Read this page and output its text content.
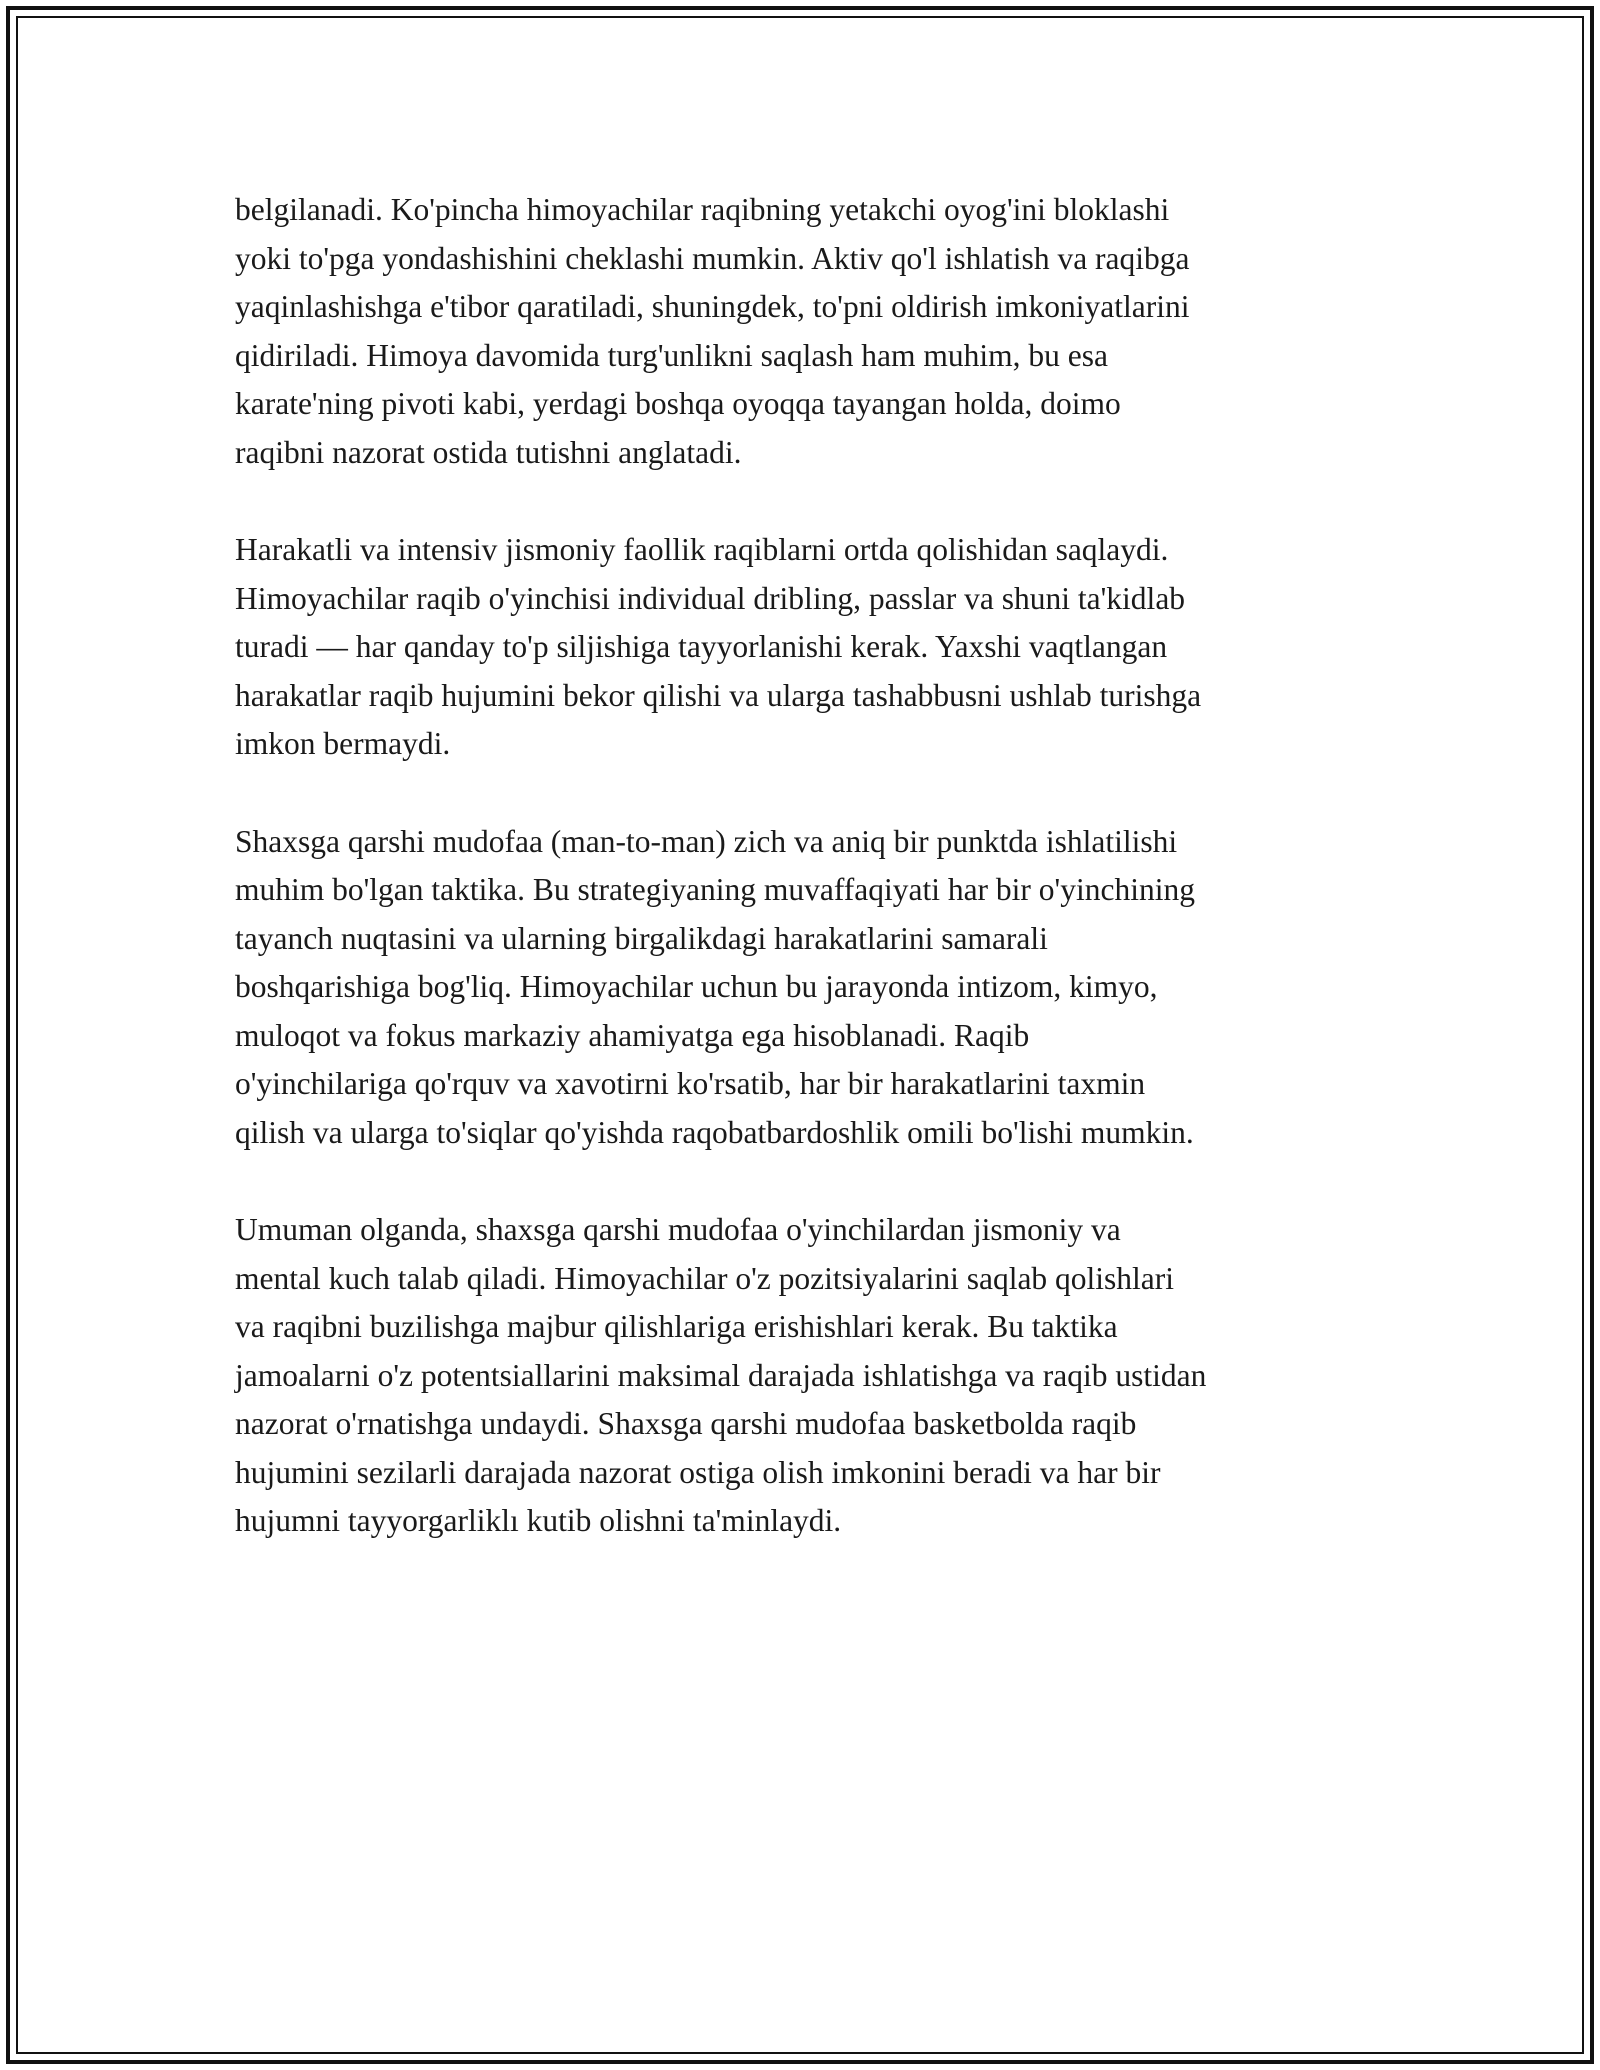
belgilanadi. Ko'pincha himoyachilar raqibning yetakchi oyog'ini bloklashi
yoki to'pga yondashishini cheklashi mumkin. Aktiv qo'l ishlatish va raqibga
yaqinlashishga e'tibor qaratiladi, shuningdek, to'pni oldirish imkoniyatlarini
qidiriladi. Himoya davomida turg'unlikni saqlash ham muhim, bu esa
karate'ning pivoti kabi, yerdagi boshqa oyoqqa tayangan holda, doimo
raqibni nazorat ostida tutishni anglatadi.

Harakatli va intensiv jismoniy faollik raqiblarni ortda qolishidan saqlaydi.
Himoyachilar raqib o'yinchisi individual dribling, passlar va shuni ta'kidlab
turadi — har qanday to'p siljishiga tayyorlanishi kerak. Yaxshi vaqtlangan
harakatlar raqib hujumini bekor qilishi va ularga tashabbusni ushlab turishga
imkon bermaydi.

Shaxsga qarshi mudofaa (man-to-man) zich va aniq bir punktda ishlatilishi
muhim bo'lgan taktika. Bu strategiyaning muvaffaqiyati har bir o'yinchining
tayanch nuqtasini va ularning birgalikdagi harakatlarini samarali
boshqarishiga bog'liq. Himoyachilar uchun bu jarayonda intizom, kimyo,
muloqot va fokus markaziy ahamiyatga ega hisoblanadi. Raqib
o'yinchilariga qo'rquv va xavotirni ko'rsatib, har bir harakatlarini taxmin
qilish va ularga to'siqlar qo'yishda raqobatbardoshlik omili bo'lishi mumkin.

Umuman olganda, shaxsga qarshi mudofaa o'yinchilardan jismoniy va
mental kuch talab qiladi. Himoyachilar o'z pozitsiyalarini saqlab qolishlari
va raqibni buzilishga majbur qilishlariga erishishlari kerak. Bu taktika
jamoalarni o'z potentsiallarini maksimal darajada ishlatishga va raqib ustidan
nazorat o'rnatishga undaydi. Shaxsga qarshi mudofaa basketbolda raqib
hujumini sezilarli darajada nazorat ostiga olish imkonini beradi va har bir
hujumni tayyorgarliklı kutib olishni ta'minlaydi.
